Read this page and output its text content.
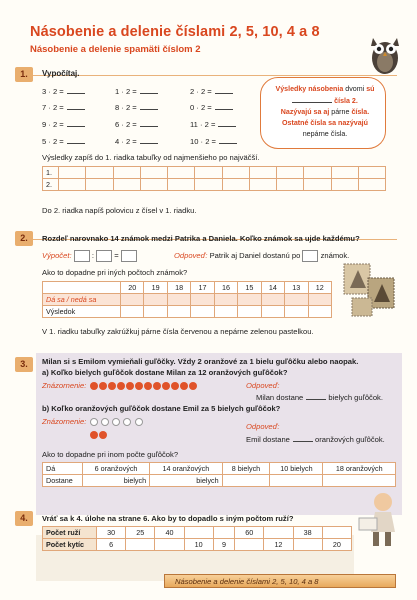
Násobenie a delenie číslami 2, 5, 10, 4 a 8
Násobenie a delenie spamäti číslom 2
1.	Vypočítaj.
3 · 2 =	1 · 2 =	2 · 2 =
7 · 2 =	8 · 2 =	0 · 2 =
9 · 2 =	6 · 2 =	11 · 2 =
5 · 2 =	4 · 2 =	10 · 2 =
Výsledky násobenia dvomi sú
čísla 2.
Nazývajú sa aj párne čísla.
Ostatné čísla sa nazývajú
nepárne čísla.
Výsledky zapíš do 1. riadka tabuľky od najmenšieho po najväčší.
1.												
2.												
Do 2. riadka napíš polovicu z čísel v 1. riadku.
2.	Rozdeľ narovnako 14 známok medzi Patrika a Daniela. Koľko známok sa ujde každému?
Výpočet:	:	=	Odpoveď: Patrik aj Daniel dostanú po	známok.
Ako to dopadne pri iných počtoch známok?
	20	19	18	17	16	15	14	13	12
Dá sa / nedá sa									
Výsledok									
V 1. riadku tabuľky zakrúžkuj párne čísla červenou a nepárne zelenou pastelkou.
3.	Milan si s Emilom vymieňali guľôčky. Vždy 2 oranžové za 1 bielu guľôčku alebo naopak.
a) Koľko bielych guľôčok dostane Milan za 12 oranžových guľôčok?
Znázornenie:	Odpoveď:
Milan dostane	bielych guľôčok.
b) Koľko oranžových guľôčok dostane Emil za 5 bielych guľôčok?
Znázornenie:

Odpoveď:
Emil dostane	oranžových guľôčok.
Ako to dopadne pri inom počte guľôčok?
Dá	6 oranžových	14 oranžových	8 bielych	10 bielych	18 oranžových
Dostane	bielych	bielych			
4.	Vráť sa k 4. úlohe na strane 6. Ako by to dopadlo s iným počtom ruží?
Počet ruží	30	25	40			60		38	
Počet kytíc	6			10	9		12		20
Násobenie a delenie číslami 2, 5, 10, 4 a 8
